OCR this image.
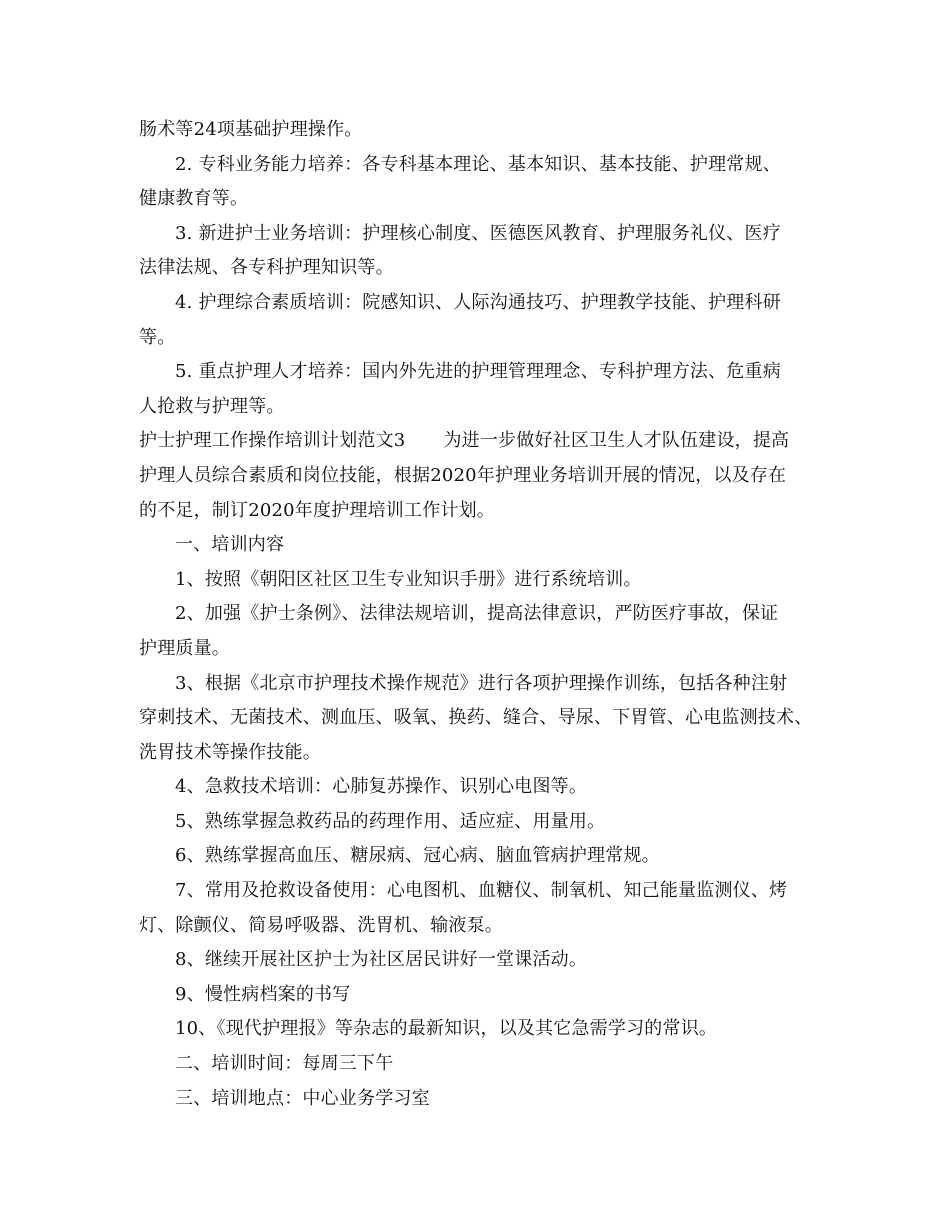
肠术等24项基础护理操作。
2. 专科业务能力培养：各专科基本理论、基本知识、基本技能、护理常规、
健康教育等。
3. 新进护士业务培训：护理核心制度、医德医风教育、护理服务礼仪、医疗
法律法规、各专科护理知识等。
4. 护理综合素质培训：院感知识、人际沟通技巧、护理教学技能、护理科研
等。
5. 重点护理人才培养：国内外先进的护理管理理念、专科护理方法、危重病
人抢救与护理等。
护士护理工作操作培训计划范文3 为进一步做好社区卫生人才队伍建设，提高
护理人员综合素质和岗位技能，根据2020年护理业务培训开展的情况，以及存在
的不足，制订2020年度护理培训工作计划。
一、培训内容
1、按照《朝阳区社区卫生专业知识手册》进行系统培训。
2、加强《护士条例》、法律法规培训，提高法律意识，严防医疗事故，保证
护理质量。
3、根据《北京市护理技术操作规范》进行各项护理操作训练，包括各种注射
穿刺技术、无菌技术、测血压、吸氧、换药、缝合、导尿、下胃管、心电监测技术、
洗胃技术等操作技能。
4、急救技术培训：心肺复苏操作、识别心电图等。
5、熟练掌握急救药品的药理作用、适应症、用量用。
6、熟练掌握高血压、糖尿病、冠心病、脑血管病护理常规。
7、常用及抢救设备使用：心电图机、血糖仪、制氧机、知己能量监测仪、烤
灯、除颤仪、简易呼吸器、洗胃机、输液泵。
8、继续开展社区护士为社区居民讲好一堂课活动。
9、慢性病档案的书写
10、《现代护理报》等杂志的最新知识，以及其它急需学习的常识。
二、培训时间：每周三下午
三、培训地点：中心业务学习室
